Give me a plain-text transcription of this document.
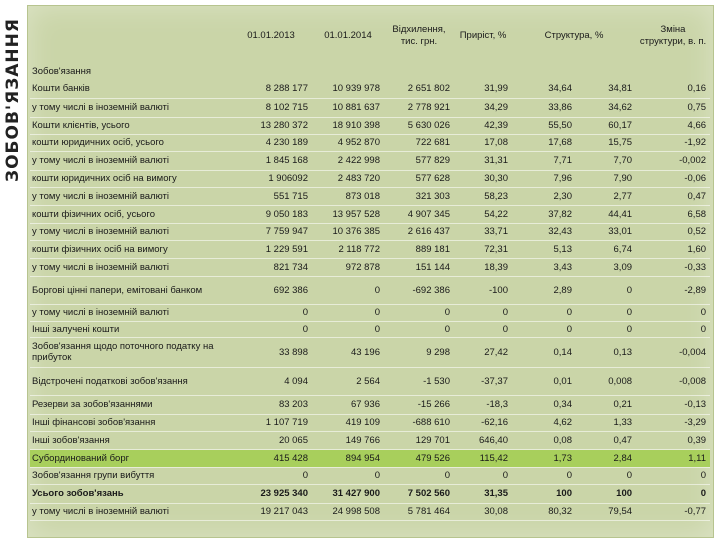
ЗОБОВ'ЯЗАННЯ
		01.01.2013	01.01.2014	Відхилення, тис. грн.	Приріст, %	Структура, %		Зміна структури, в. п.
Зобов'язання							
Кошти банків	8 288 177	10 939 978	2 651 802	31,99	34,64	34,81	0,16
у тому числі в іноземній валюті	8 102 715	10 881 637	2 778 921	34,29	33,86	34,62	0,75
Кошти клієнтів, усього	13 280 372	18 910 398	5 630 026	42,39	55,50	60,17	4,66
кошти юридичних осіб, усього	4 230 189	4 952 870	722 681	17,08	17,68	15,75	-1,92
у тому числі в іноземній валюті	1 845 168	2 422 998	577 829	31,31	7,71	7,70	-0,002
кошти юридичних осіб на вимогу	1 906092	2 483 720	577 628	30,30	7,96	7,90	-0,06
у тому числі в іноземній валюті	551 715	873 018	321 303	58,23	2,30	2,77	0,47
кошти фізичних осіб, усього	9 050 183	13 957 528	4 907 345	54,22	37,82	44,41	6,58
у тому числі в іноземній валюті	7 759 947	10 376 385	2 616 437	33,71	32,43	33,01	0,52
кошти фізичних осіб на вимогу	1 229 591	2 118 772	889 181	72,31	5,13	6,74	1,60
у тому числі в іноземній валюті	821 734	972 878	151 144	18,39	3,43	3,09	-0,33
Боргові цінні папери, емітовані банком	692 386	0	-692 386	-100	2,89	0	-2,89
у тому числі в іноземній валюті	0	0	0	0	0	0	0
Інші залучені кошти	0	0	0	0	0	0	0
Зобов'язання щодо поточного податку на прибуток	33 898	43 196	9 298	27,42	0,14	0,13	-0,004
Відстрочені податкові зобов'язання	4 094	2 564	-1 530	-37,37	0,01	0,008	-0,008
Резерви за зобов'язаннями	83 203	67 936	-15 266	-18,3	0,34	0,21	-0,13
Інші фінансові зобов'язання	1 107 719	419 109	-688 610	-62,16	4,62	1,33	-3,29
Інші зобов'язання	20 065	149 766	129 701	646,40	0,08	0,47	0,39
Субординований борг	415 428	894 954	479 526	115,42	1,73	2,84	1,11
Зобов'язання групи вибуття	0	0	0	0	0	0	0
Усього зобов'язань	23 925 340	31 427 900	7 502 560	31,35	100	100	0
у тому числі в іноземній валюті	19 217 043	24 998 508	5 781 464	30,08	80,32	79,54	-0,77
